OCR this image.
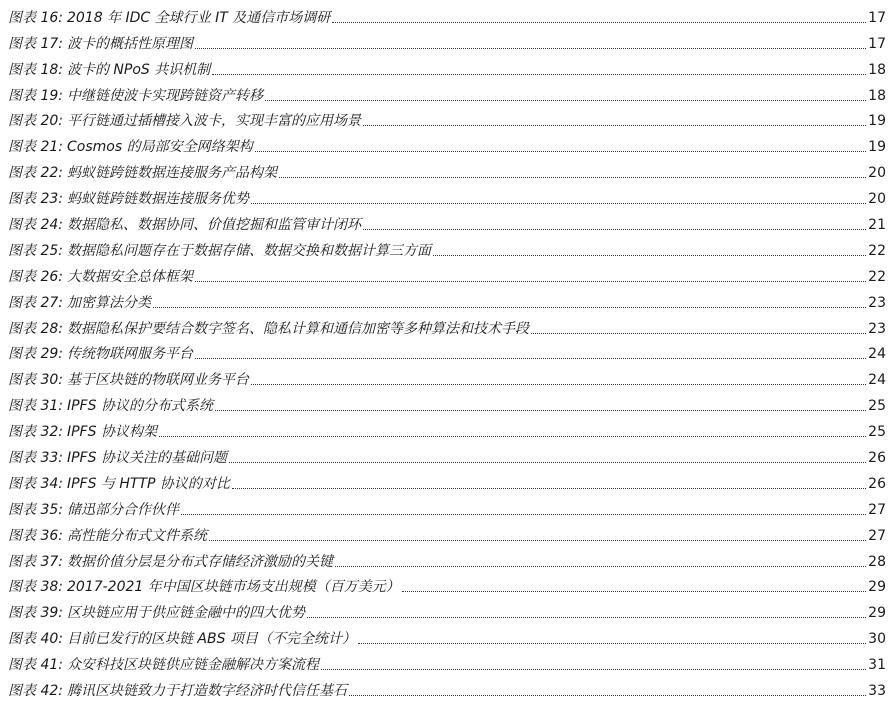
图表 16: 2018 年 IDC 全球行业 IT 及通信市场调研	17
图表 17: 波卡的概括性原理图	17
图表 18: 波卡的 NPoS 共识机制	18
图表 19: 中继链使波卡实现跨链资产转移	18
图表 20: 平行链通过插槽接入波卡，实现丰富的应用场景	19
图表 21: Cosmos 的局部安全网络架构	19
图表 22: 蚂蚁链跨链数据连接服务产品构架	20
图表 23: 蚂蚁链跨链数据连接服务优势	20
图表 24: 数据隐私、数据协同、价值挖掘和监管审计闭环	21
图表 25: 数据隐私问题存在于数据存储、数据交换和数据计算三方面	22
图表 26: 大数据安全总体框架	22
图表 27: 加密算法分类	23
图表 28: 数据隐私保护要结合数字签名、隐私计算和通信加密等多种算法和技术手段	23
图表 29: 传统物联网服务平台	24
图表 30: 基于区块链的物联网业务平台	24
图表 31: IPFS 协议的分布式系统	25
图表 32: IPFS 协议构架	25
图表 33: IPFS 协议关注的基础问题	26
图表 34: IPFS 与 HTTP 协议的对比	26
图表 35: 储迅部分合作伙伴	27
图表 36: 高性能分布式文件系统	27
图表 37: 数据价值分层是分布式存储经济激励的关键	28
图表 38: 2017-2021 年中国区块链市场支出规模（百万美元）	29
图表 39: 区块链应用于供应链金融中的四大优势	29
图表 40: 目前已发行的区块链 ABS 项目（不完全统计）	30
图表 41: 众安科技区块链供应链金融解决方案流程	31
图表 42: 腾讯区块链致力于打造数字经济时代信任基石	33
